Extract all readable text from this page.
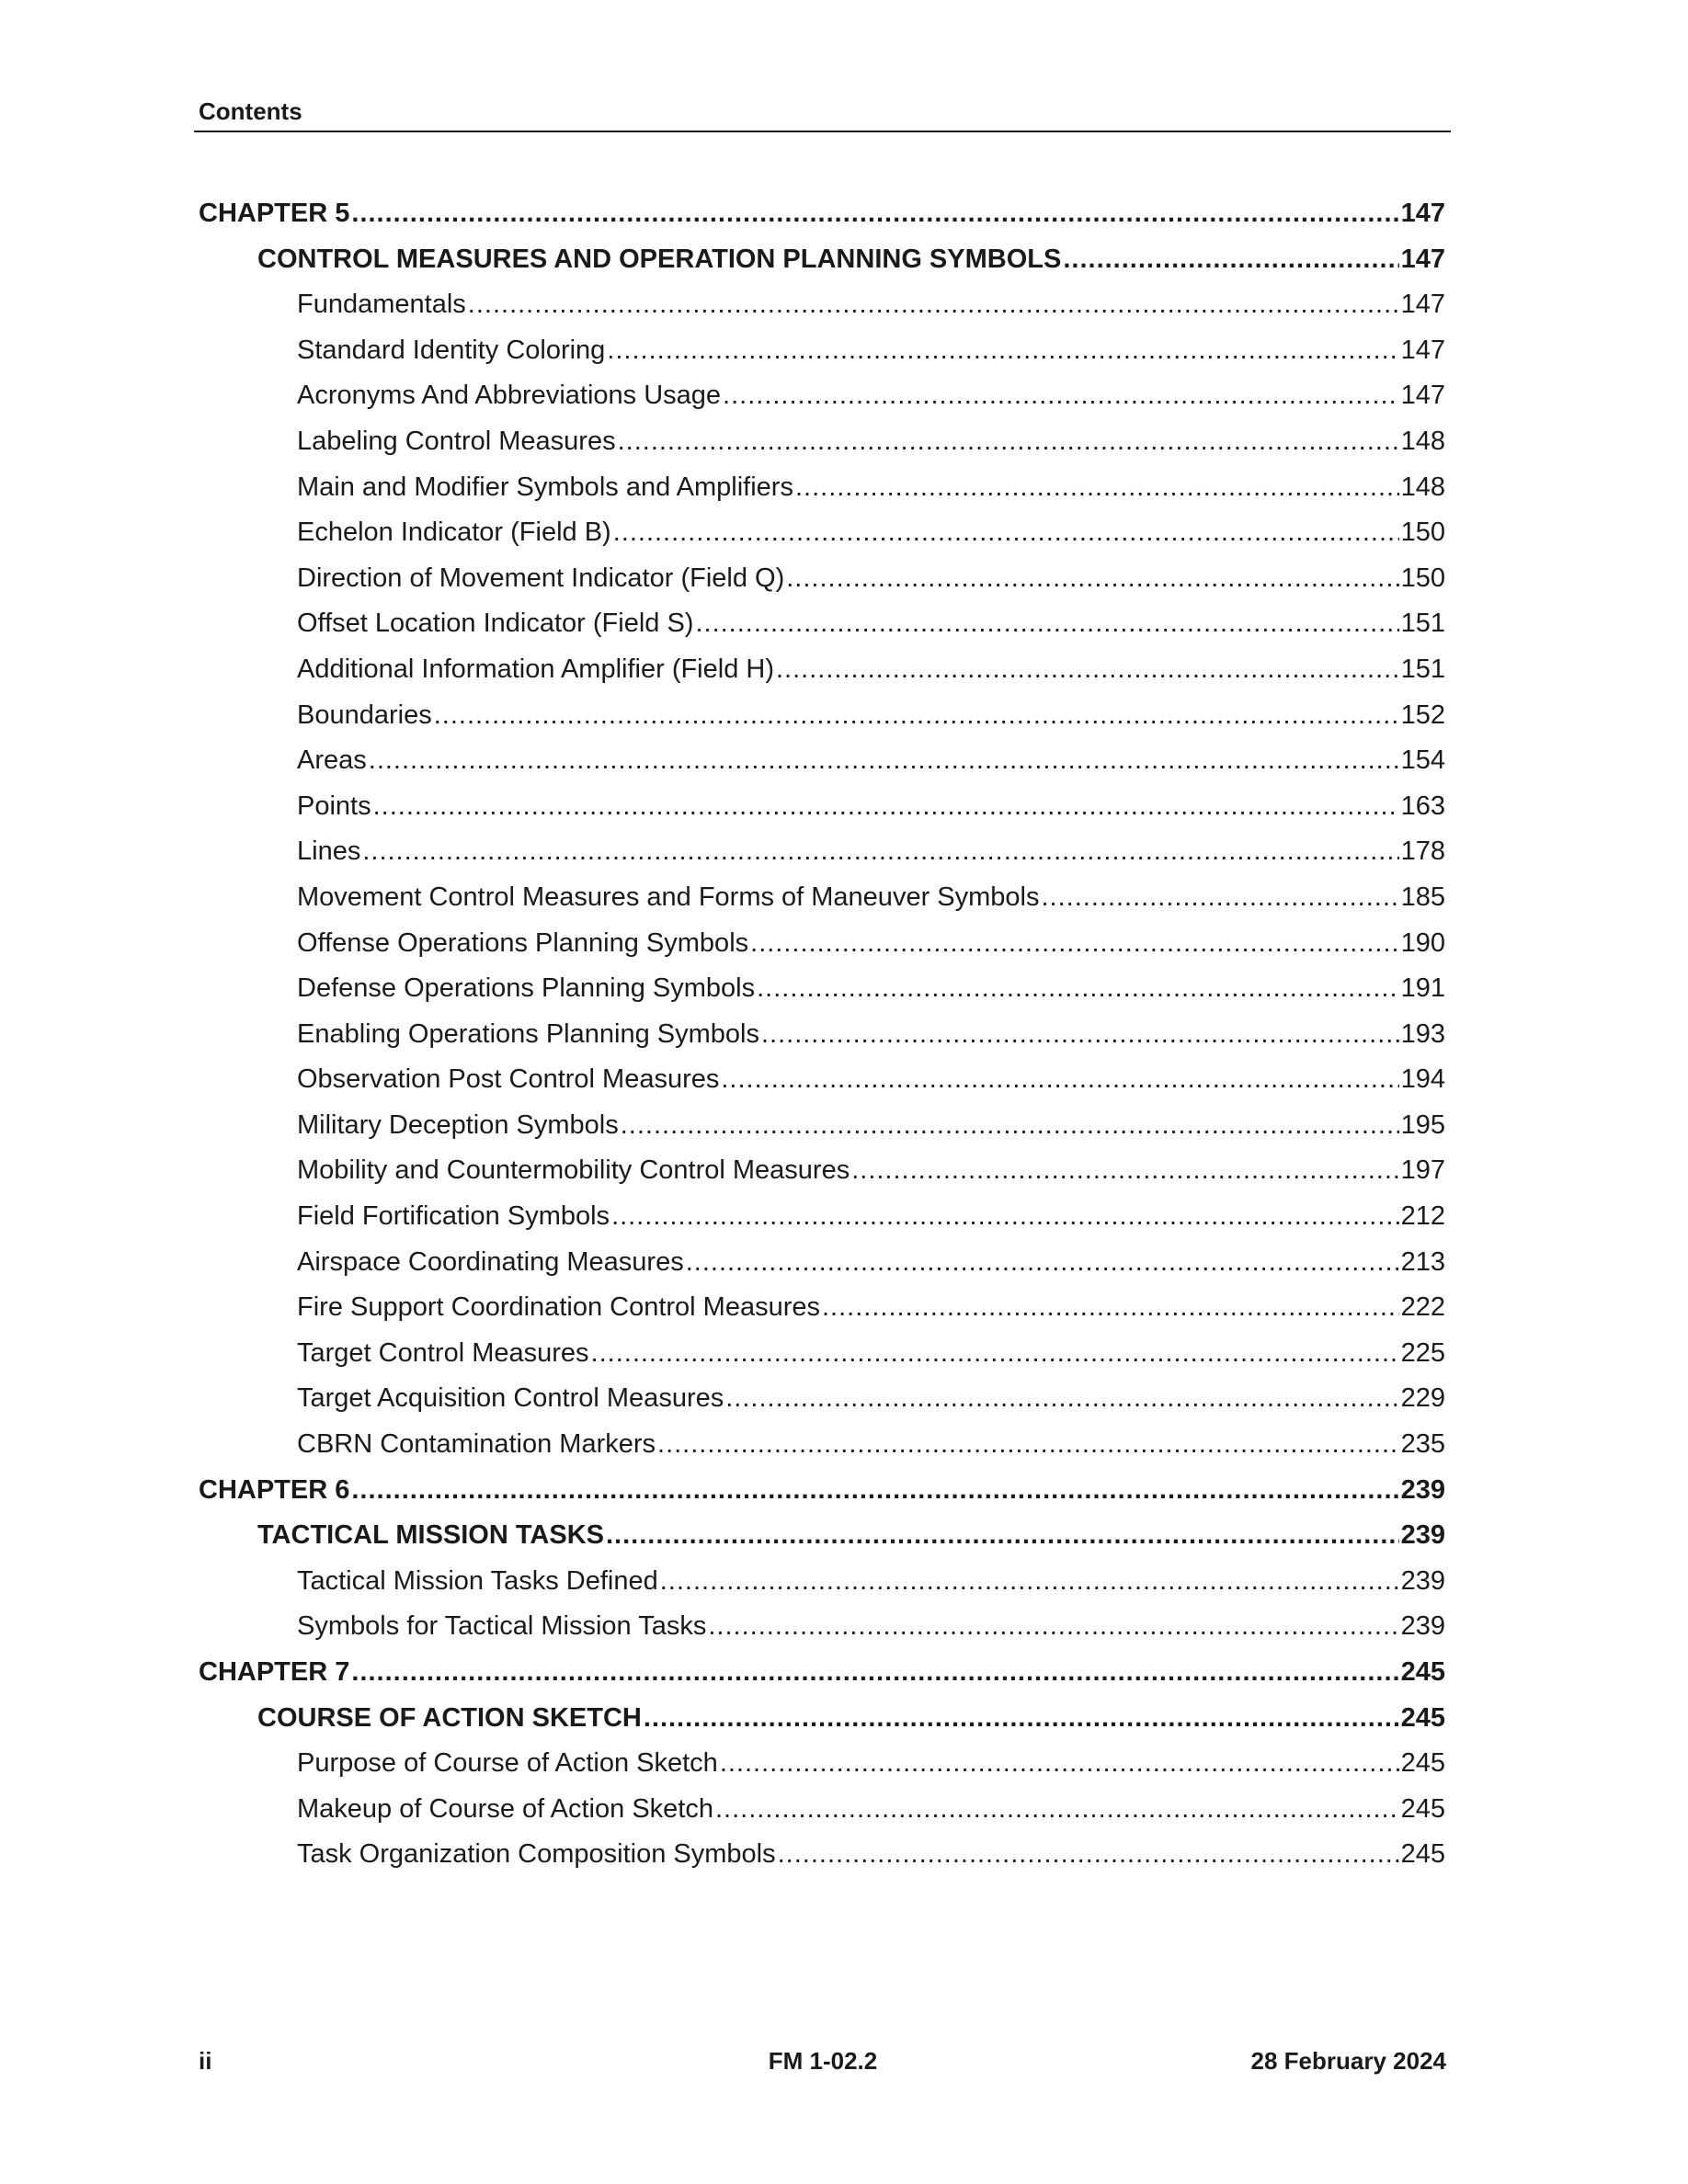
Contents
CHAPTER 5 .....	147
CONTROL MEASURES AND OPERATION PLANNING SYMBOLS .....	147
Fundamentals .....	147
Standard Identity Coloring .....	147
Acronyms And Abbreviations Usage .....	147
Labeling Control Measures .....	148
Main and Modifier Symbols and Amplifiers .....	148
Echelon Indicator (Field B) .....	150
Direction of Movement Indicator (Field Q) .....	150
Offset Location Indicator (Field S) .....	151
Additional Information Amplifier (Field H) .....	151
Boundaries .....	152
Areas .....	154
Points .....	163
Lines .....	178
Movement Control Measures and Forms of Maneuver Symbols .....	185
Offense Operations Planning Symbols .....	190
Defense Operations Planning Symbols .....	191
Enabling Operations Planning Symbols .....	193
Observation Post Control Measures .....	194
Military Deception Symbols .....	195
Mobility and Countermobility Control Measures .....	197
Field Fortification Symbols .....	212
Airspace Coordinating Measures .....	213
Fire Support Coordination Control Measures .....	222
Target Control Measures .....	225
Target Acquisition Control Measures .....	229
CBRN Contamination Markers .....	235
CHAPTER 6 .....	239
TACTICAL MISSION TASKS .....	239
Tactical Mission Tasks Defined .....	239
Symbols for Tactical Mission Tasks .....	239
CHAPTER 7 .....	245
COURSE OF ACTION SKETCH .....	245
Purpose of Course of Action Sketch .....	245
Makeup of Course of Action Sketch .....	245
Task Organization Composition Symbols .....	245
ii	FM 1-02.2	28 February 2024
